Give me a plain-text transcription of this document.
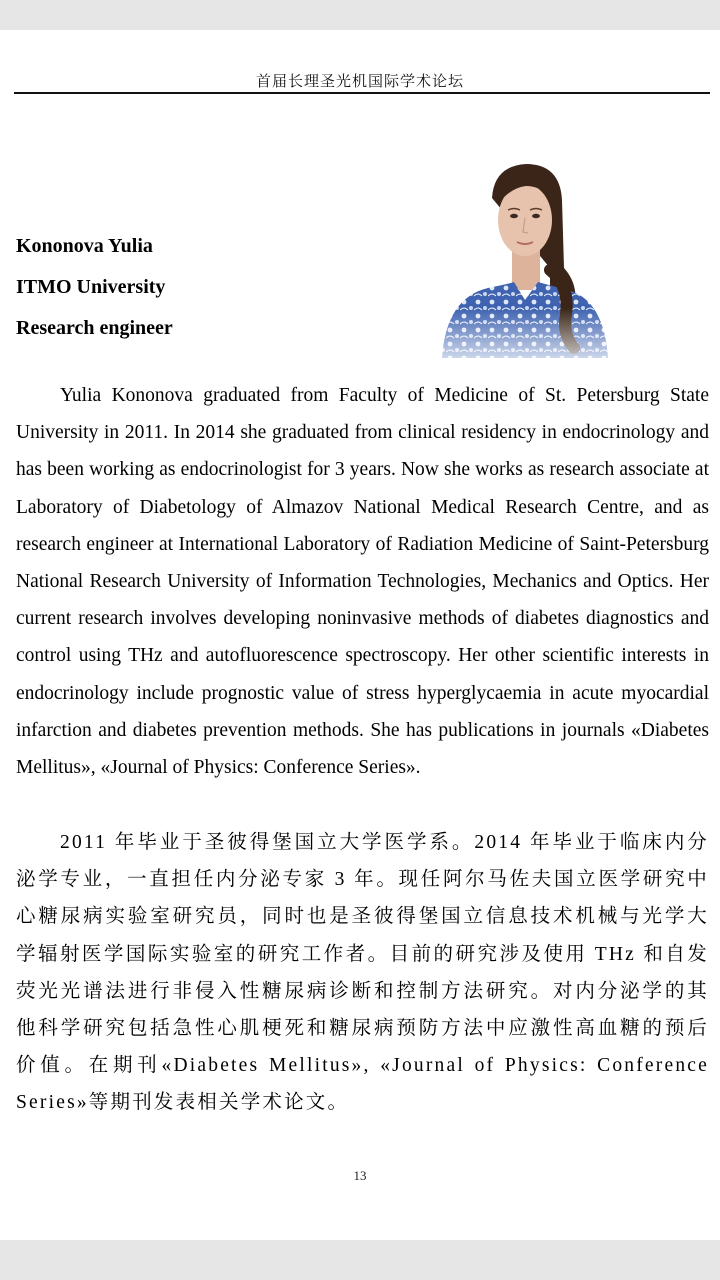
首届长理圣光机国际学术论坛
Kononova Yulia
ITMO University
Research engineer

Yulia Kononova graduated from Faculty of Medicine of St. Petersburg State University in 2011. In 2014 she graduated from clinical residency in endocrinology and has been working as endocrinologist for 3 years. Now she works as research associate at Laboratory of Diabetology of Almazov National Medical Research Centre, and as research engineer at International Laboratory of Radiation Medicine of Saint-Petersburg National Research University of Information Technologies, Mechanics and Optics. Her current research involves developing noninvasive methods of diabetes diagnostics and control using THz and autofluorescence spectroscopy. Her other scientific interests in endocrinology include prognostic value of stress hyperglycaemia in acute myocardial infarction and diabetes prevention methods. She has publications in journals «Diabetes Mellitus», «Journal of Physics: Conference Series».

2011 年毕业于圣彼得堡国立大学医学系。2014 年毕业于临床内分泌学专业，一直担任内分泌专家 3 年。现任阿尔马佐夫国立医学研究中心糖尿病实验室研究员，同时也是圣彼得堡国立信息技术机械与光学大学辐射医学国际实验室的研究工作者。目前的研究涉及使用 THz 和自发荧光光谱法进行非侵入性糖尿病诊断和控制方法研究。对内分泌学的其他科学研究包括急性心肌梗死和糖尿病预防方法中应激性高血糖的预后价值。在期刊«Diabetes Mellitus», «Journal of Physics: Conference Series»等期刊发表相关学术论文。

13
